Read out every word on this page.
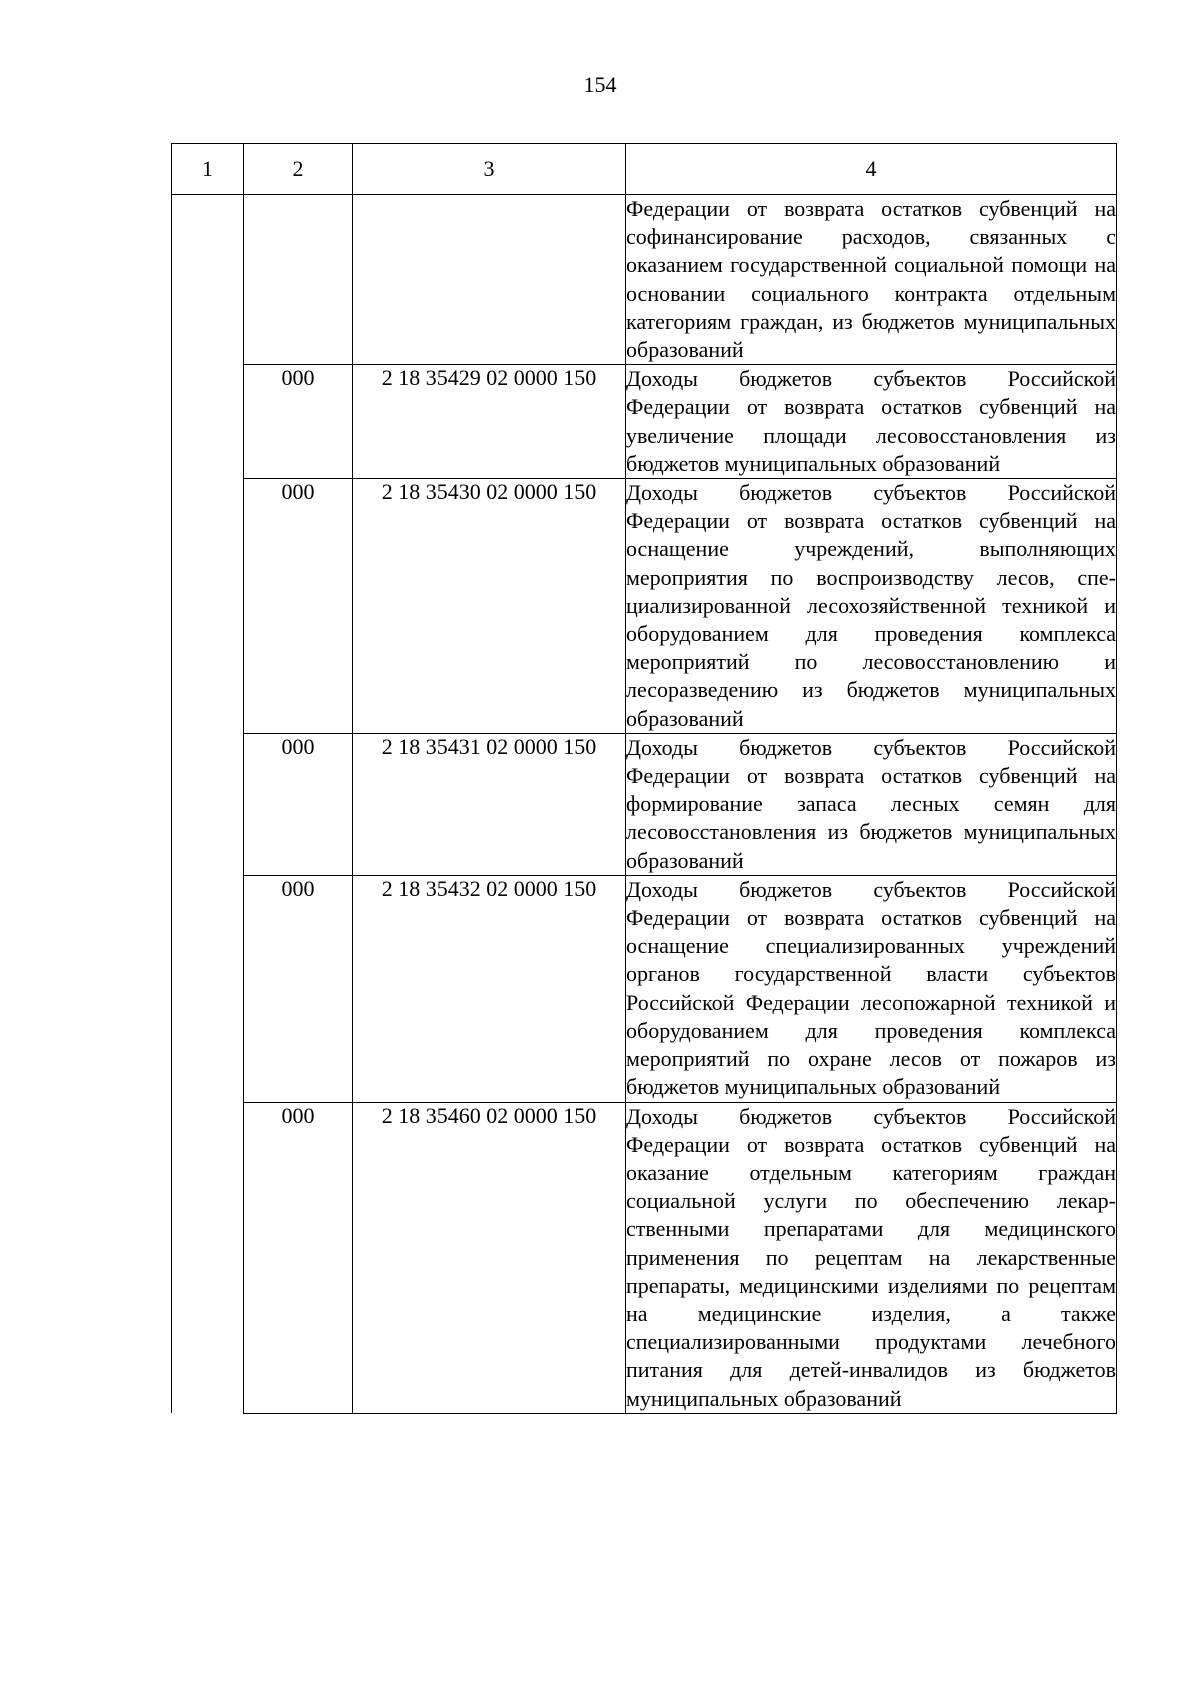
154
1	2	3	4
			Федерации от возврата остатков субвенций на софинансирование расходов, связанных с оказанием государственной социальной помощи на основании социального контракта отдельным категориям граждан, из бюджетов муниципальных образований
	000	2 18 35429 02 0000 150	Доходы бюджетов субъектов Российской Федерации от возврата остатков субвенций на увеличение площади лесовосстановления из бюджетов муниципальных образований
	000	2 18 35430 02 0000 150	Доходы бюджетов субъектов Российской Федерации от возврата остатков субвенций на оснащение учреждений, выполняющих мероприятия по воспроизводству лесов, специализированной лесохозяйственной техникой и оборудованием для проведения комплекса мероприятий по лесовосстановлению и лесоразведению из бюджетов муниципальных образований
	000	2 18 35431 02 0000 150	Доходы бюджетов субъектов Российской Федерации от возврата остатков субвенций на формирование запаса лесных семян для лесовосстановления из бюджетов муниципальных образований
	000	2 18 35432 02 0000 150	Доходы бюджетов субъектов Российской Федерации от возврата остатков субвенций на оснащение специализированных учреждений органов государственной власти субъектов Российской Федерации лесопожарной техникой и оборудованием для проведения комплекса мероприятий по охране лесов от пожаров из бюджетов муниципальных образований
	000	2 18 35460 02 0000 150	Доходы бюджетов субъектов Российской Федерации от возврата остатков субвенций на оказание отдельным категориям граждан социальной услуги по обеспечению лекарственными препаратами для медицинского применения по рецептам на лекарственные препараты, медицинскими изделиями по рецептам на медицинские изделия, а также специализированными продуктами лечебного питания для детей-инвалидов из бюджетов муниципальных образований
